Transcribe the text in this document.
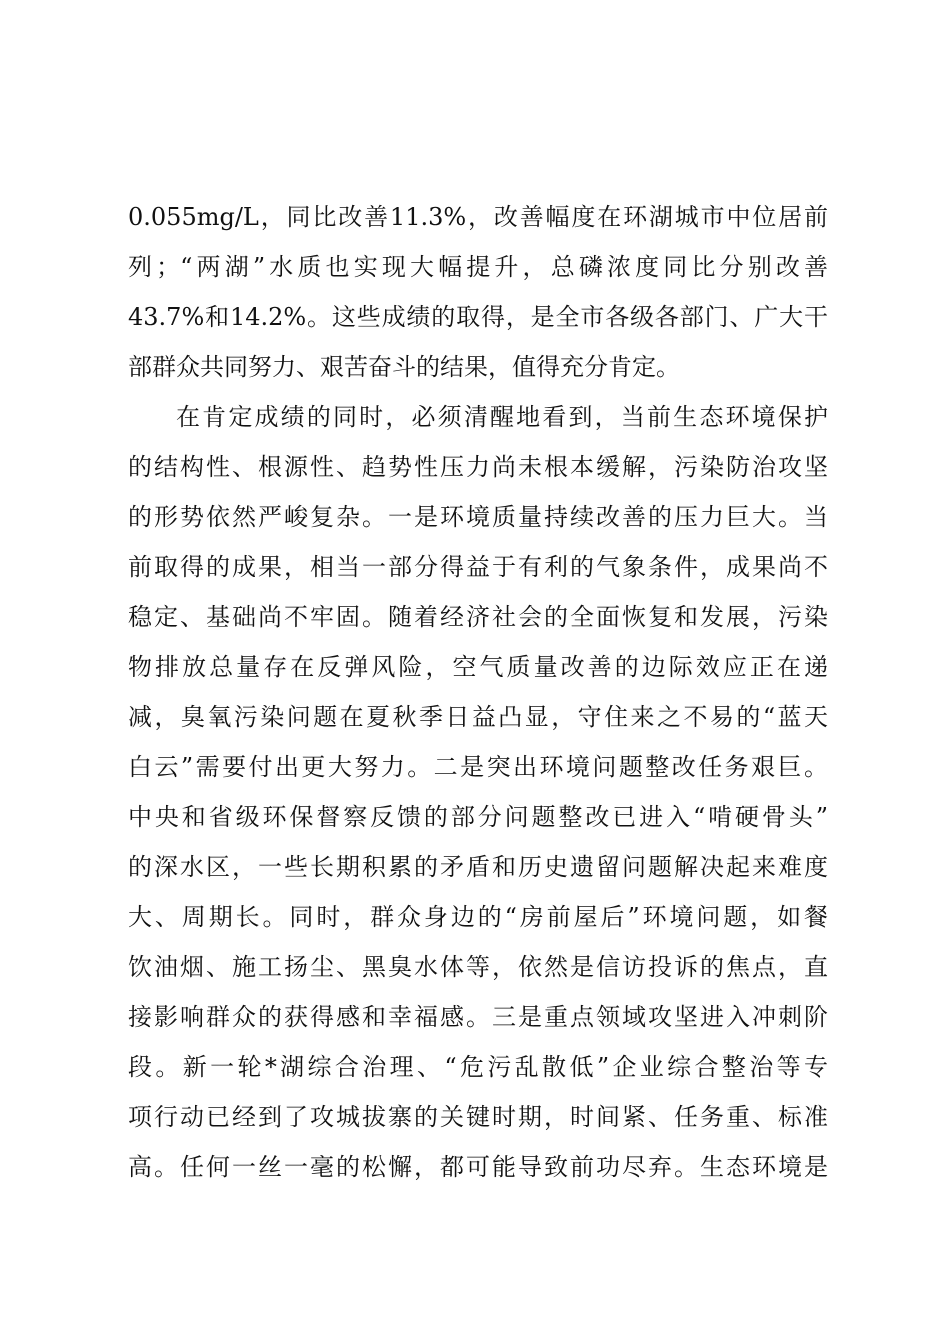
0.055mg/L，同比改善11.3%，改善幅度在环湖城市中位居前
列；“两湖”水质也实现大幅提升，总磷浓度同比分别改善
43.7%和14.2%。这些成绩的取得，是全市各级各部门、广大干
部群众共同努力、艰苦奋斗的结果，值得充分肯定。
在肯定成绩的同时，必须清醒地看到，当前生态环境保护
的结构性、根源性、趋势性压力尚未根本缓解，污染防治攻坚
的形势依然严峻复杂。一是环境质量持续改善的压力巨大。当
前取得的成果，相当一部分得益于有利的气象条件，成果尚不
稳定、基础尚不牢固。随着经济社会的全面恢复和发展，污染
物排放总量存在反弹风险，空气质量改善的边际效应正在递
减，臭氧污染问题在夏秋季日益凸显，守住来之不易的“蓝天
白云”需要付出更大努力。二是突出环境问题整改任务艰巨。
中央和省级环保督察反馈的部分问题整改已进入“啃硬骨头”
的深水区，一些长期积累的矛盾和历史遗留问题解决起来难度
大、周期长。同时，群众身边的“房前屋后”环境问题，如餐
饮油烟、施工扬尘、黑臭水体等，依然是信访投诉的焦点，直
接影响群众的获得感和幸福感。三是重点领域攻坚进入冲刺阶
段。新一轮*湖综合治理、“危污乱散低”企业综合整治等专
项行动已经到了攻城拔寨的关键时期，时间紧、任务重、标准
高。任何一丝一毫的松懈，都可能导致前功尽弃。生态环境是
